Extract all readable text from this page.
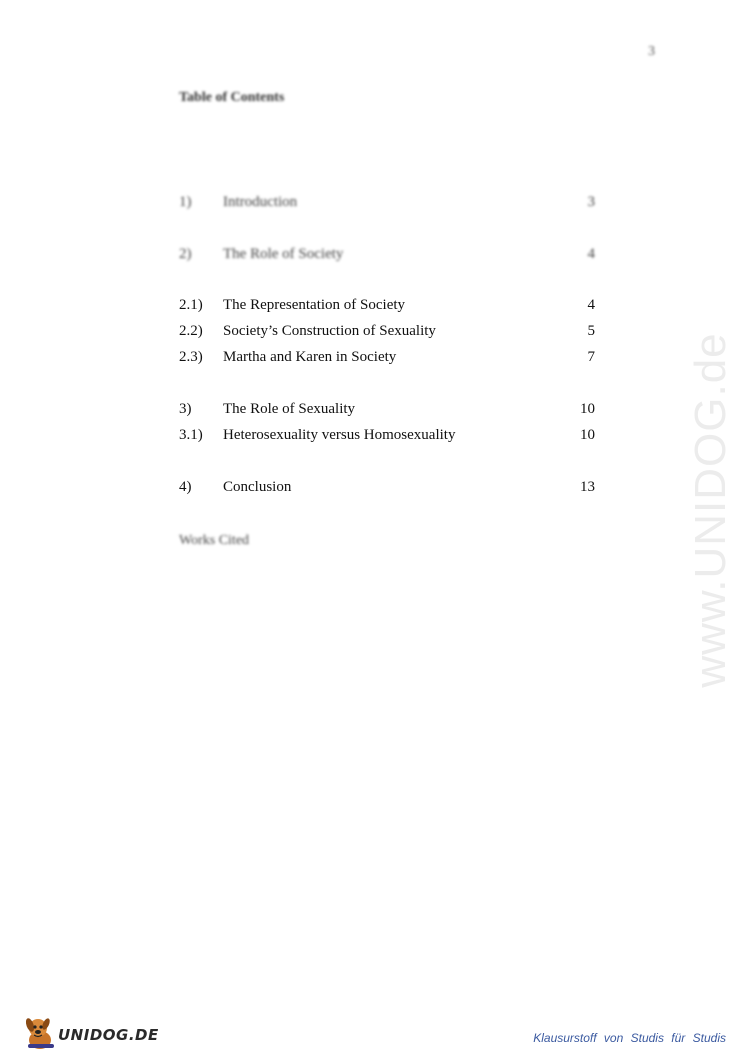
3
Table of Contents
1) Introduction	3
2) The Role of Society	4
2.1) The Representation of Society	4
2.2) Society’s Construction of Sexuality	5
2.3) Martha and Karen in Society	7
3) The Role of Sexuality	10
3.1) Heterosexuality versus Homosexuality	10
4) Conclusion	13
Works Cited	www.UNIDOG.de
UNIDOG.DE	Klausurstoff von Studis für Studis
